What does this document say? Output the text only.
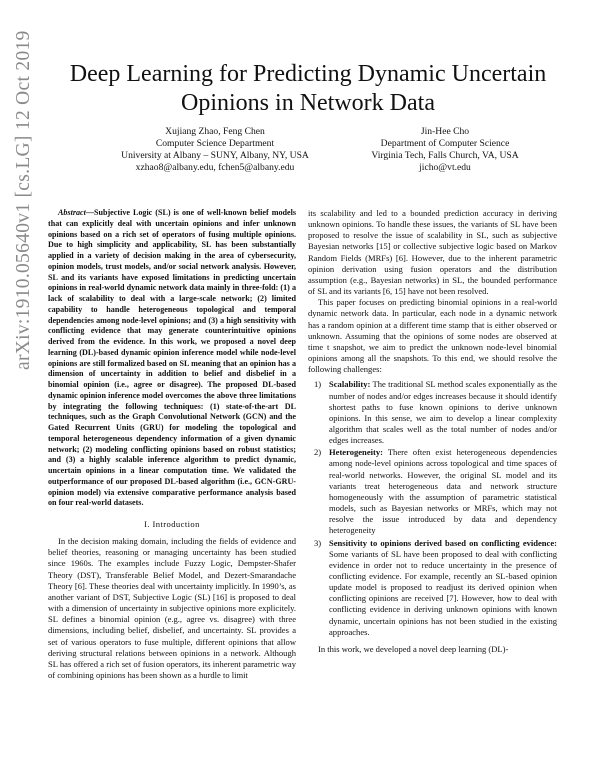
arXiv:1910.05640v1 [cs.LG] 12 Oct 2019	Deep Learning for Predicting Dynamic Uncertain Opinions in Network Data
Xujiang Zhao, Feng Chen
Computer Science Department
University at Albany – SUNY, Albany, NY, USA
xzhao8@albany.edu, fchen5@albany.edu
Jin-Hee Cho
Department of Computer Science
Virginia Tech, Falls Church, VA, USA
jicho@vt.edu

Abstract—Subjective Logic (SL) is one of well-known belief models that can explicitly deal with uncertain opinions and infer unknown opinions based on a rich set of operators of fusing multiple opinions. Due to high simplicity and applicability, SL has been substantially applied in a variety of decision making in the area of cybersecurity, opinion models, trust models, and/or social network analysis. However, SL and its variants have exposed limitations in predicting uncertain opinions in real-world dynamic network data mainly in three-fold: (1) a lack of scalability to deal with a large-scale network; (2) limited capability to handle heterogeneous topological and temporal dependencies among node-level opinions; and (3) a high sensitivity with conflicting evidence that may generate counterintuitive opinions derived from the evidence. In this work, we proposed a novel deep learning (DL)-based dynamic opinion inference model while node-level opinions are still formalized based on SL meaning that an opinion has a dimension of uncertainty in addition to belief and disbelief in a binomial opinion (i.e., agree or disagree). The proposed DL-based dynamic opinion inference model overcomes the above three limitations by integrating the following techniques: (1) state-of-the-art DL techniques, such as the Graph Convolutional Network (GCN) and the Gated Recurrent Units (GRU) for modeling the topological and temporal heterogeneous dependency information of a given dynamic network; (2) modeling conflicting opinions based on robust statistics; and (3) a highly scalable inference algorithm to predict dynamic, uncertain opinions in a linear computation time. We validated the outperformance of our proposed DL-based algorithm (i.e., GCN-GRU-opinion model) via extensive comparative performance analysis based on four real-world datasets.

I. Introduction

In the decision making domain, including the fields of evidence and belief theories, reasoning or managing uncertainty has been studied since 1960s. The examples include Fuzzy Logic, Dempster-Shafer Theory (DST), Transferable Belief Model, and Dezert-Smarandache Theory [6]. These theories deal with uncertainty implicitly. In 1990’s, as another variant of DST, Subjective Logic (SL) [16] is proposed to deal with a dimension of uncertainty in subjective opinions more explicitely. SL defines a binomial opinion (e.g., agree vs. disagree) with three dimensions, including belief, disbelief, and uncertainty. SL provides a set of various operators to fuse multiple, different opinions that allow deriving structural relations between opinions in a network. Although SL has offered a rich set of fusion operators, its inherent parametric way of combining opinions has been shown as a hurdle to limit

its scalability and led to a bounded prediction accuracy in deriving unknown opinions. To handle these issues, the variants of SL have been proposed to resolve the issue of scalability in SL, such as subjective Bayesian networks [15] or collective subjective logic based on Markov Random Fields (MRFs) [6]. However, due to the inherent parametric opinion derivation using fusion operators and the distribution assumption (e.g., Bayesian networks) in SL, the bounded performance of SL and its variants [6, 15] have not been resolved.

This paper focuses on predicting binomial opinions in a real-world dynamic network data. In particular, each node in a dynamic network has a random opinion at a different time stamp that is either observed or unknown. Assuming that the opinions of some nodes are observed at time t snapshot, we aim to predict the unknown node-level binomial opinions among all the snapshots. To this end, we should resolve the following challenges:

1) Scalability: The traditional SL method scales exponentially as the number of nodes and/or edges increases because it should identify shortest paths to fuse known opinions to derive unknown opinions. In this sense, we aim to develop a linear complexity algorithm that scales well as the total number of nodes and/or edges increases.
2) Heterogeneity: There often exist heterogeneous dependencies among node-level opinions across topological and time spaces of real-world networks. However, the original SL model and its variants treat heterogeneous data and network structure homogeneously with the assumption of parametric statistical models, such as Bayesian networks or MRFs, which may not resolve the issue introduced by data and dependency heterogeneity
3) Sensitivity to opinions derived based on conflicting evidence: Some variants of SL have been proposed to deal with conflicting evidence in order not to reduce uncertainty in the presence of conflicting evidence. For example, recently an SL-based opinion update model is proposed to readjust its derived opinion when conflicting opinions are received [7]. However, how to deal with conflicting evidence in deriving unknown opinions with known dynamic, uncertain opinions has not been studied in the existing approaches.

In this work, we developed a novel deep learning (DL)-
